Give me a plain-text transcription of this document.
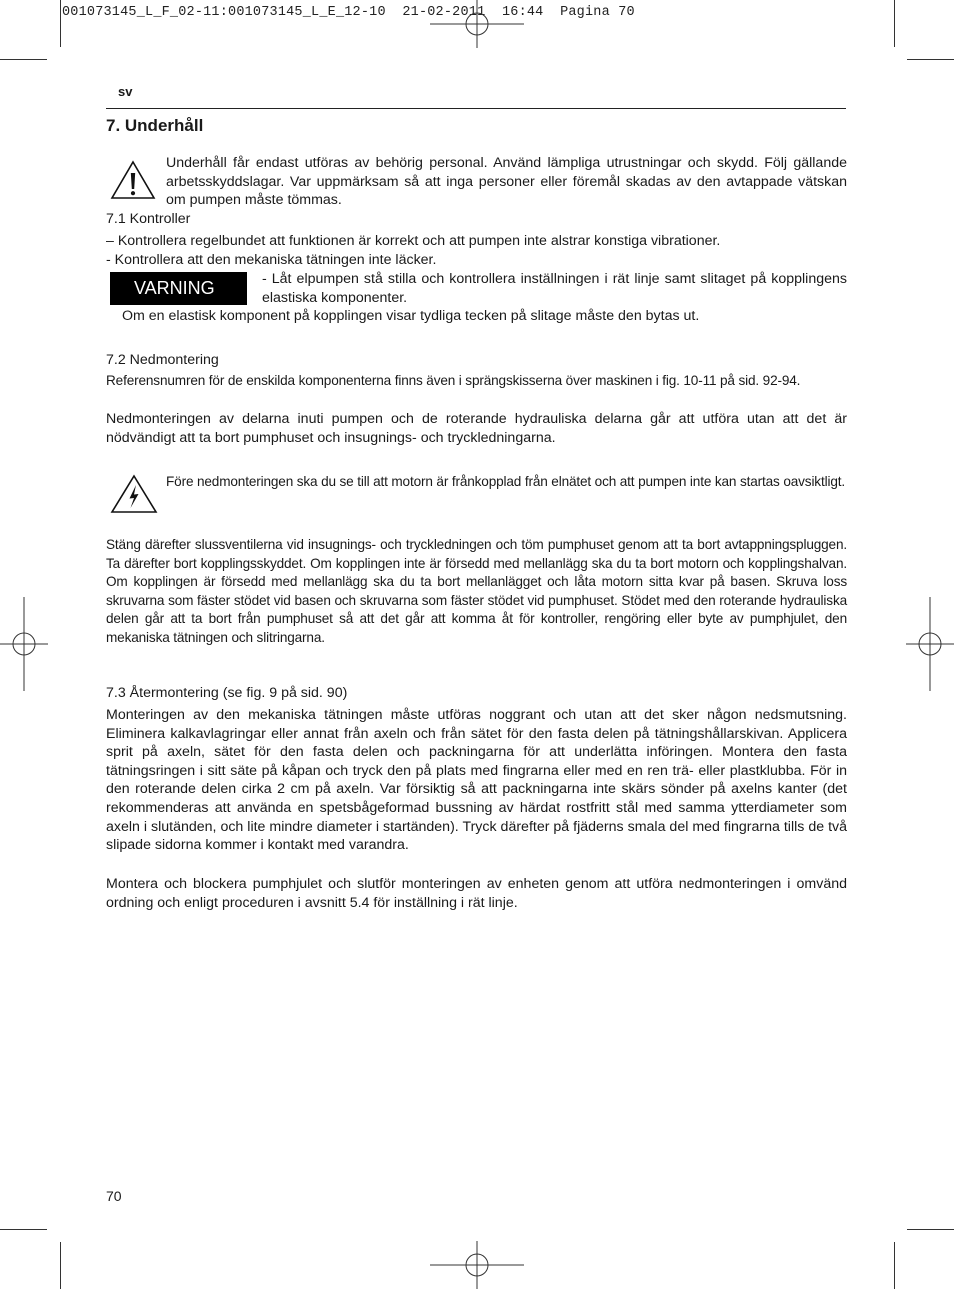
001073145_L_F_02-11:001073145_L_E_12-10  21-02-2011  16:44  Pagina 70
sv
7. Underhåll
Underhåll får endast utföras av behörig personal. Använd lämpliga utrustningar och skydd. Följ gällande arbetsskyddslagar. Var uppmärksam så att inga personer eller föremål skadas av den avtappade vätskan om pumpen måste tömmas.
7.1 Kontroller
– Kontrollera regelbundet att funktionen är korrekt och att pumpen inte alstrar konstiga vibrationer.
- Kontrollera att den mekaniska tätningen inte läcker.
VARNING	- Låt elpumpen stå stilla och kontrollera inställningen i rät linje samt slitaget på kopplingens elastiska komponenter.
Om en elastisk komponent på kopplingen visar tydliga tecken på slitage måste den bytas ut.
7.2 Nedmontering
Referensnumren för de enskilda komponenterna finns även i sprängskisserna över maskinen i fig. 10-11 på sid. 92-94.
Nedmonteringen av delarna inuti pumpen och de roterande hydrauliska delarna går att utföra utan att det är nödvändigt att ta bort pumphuset och insugnings- och tryckledningarna.
Före nedmonteringen ska du se till att motorn är frånkopplad från elnätet och att pumpen inte kan startas oavsiktligt.
Stäng därefter slussventilerna vid insugnings- och tryckledningen och töm pumphuset genom att ta bort avtappningspluggen. Ta därefter bort kopplingsskyddet. Om kopplingen inte är försedd med mellanlägg ska du ta bort motorn och kopplingshalvan. Om kopplingen är försedd med mellanlägg ska du ta bort mellanlägget och låta motorn sitta kvar på basen. Skruva loss skruvarna som fäster stödet vid basen och skruvarna som fäster stödet vid pumphuset. Stödet med den roterande hydrauliska delen går att ta bort från pumphuset så att det går att komma åt för kontroller, rengöring eller byte av pumphjulet, den mekaniska tätningen och slitringarna.
7.3 Återmontering (se fig. 9 på sid. 90)
Monteringen av den mekaniska tätningen måste utföras noggrant och utan att det sker någon nedsmutsning. Eliminera kalkavlagringar eller annat från axeln och från sätet för den fasta delen på tätningshållarskivan. Applicera sprit på axeln, sätet för den fasta delen och packningarna för att underlätta införingen. Montera den fasta tätningsringen i sitt säte på kåpan och tryck den på plats med fingrarna eller med en ren trä- eller plastklubba. För in den roterande delen cirka 2 cm på axeln. Var försiktig så att packningarna inte skärs sönder på axelns kanter (det rekommenderas att använda en spetsbågeformad bussning av härdat rostfritt stål med samma ytterdiameter som axeln i slutänden, och lite mindre diameter i startänden). Tryck därefter på fjäderns smala del med fingrarna tills de två slipade sidorna kommer i kontakt med varandra.
Montera och blockera pumphjulet och slutför monteringen av enheten genom att utföra nedmonteringen i omvänd ordning och enligt proceduren i avsnitt 5.4 för inställning i rät linje.
70
